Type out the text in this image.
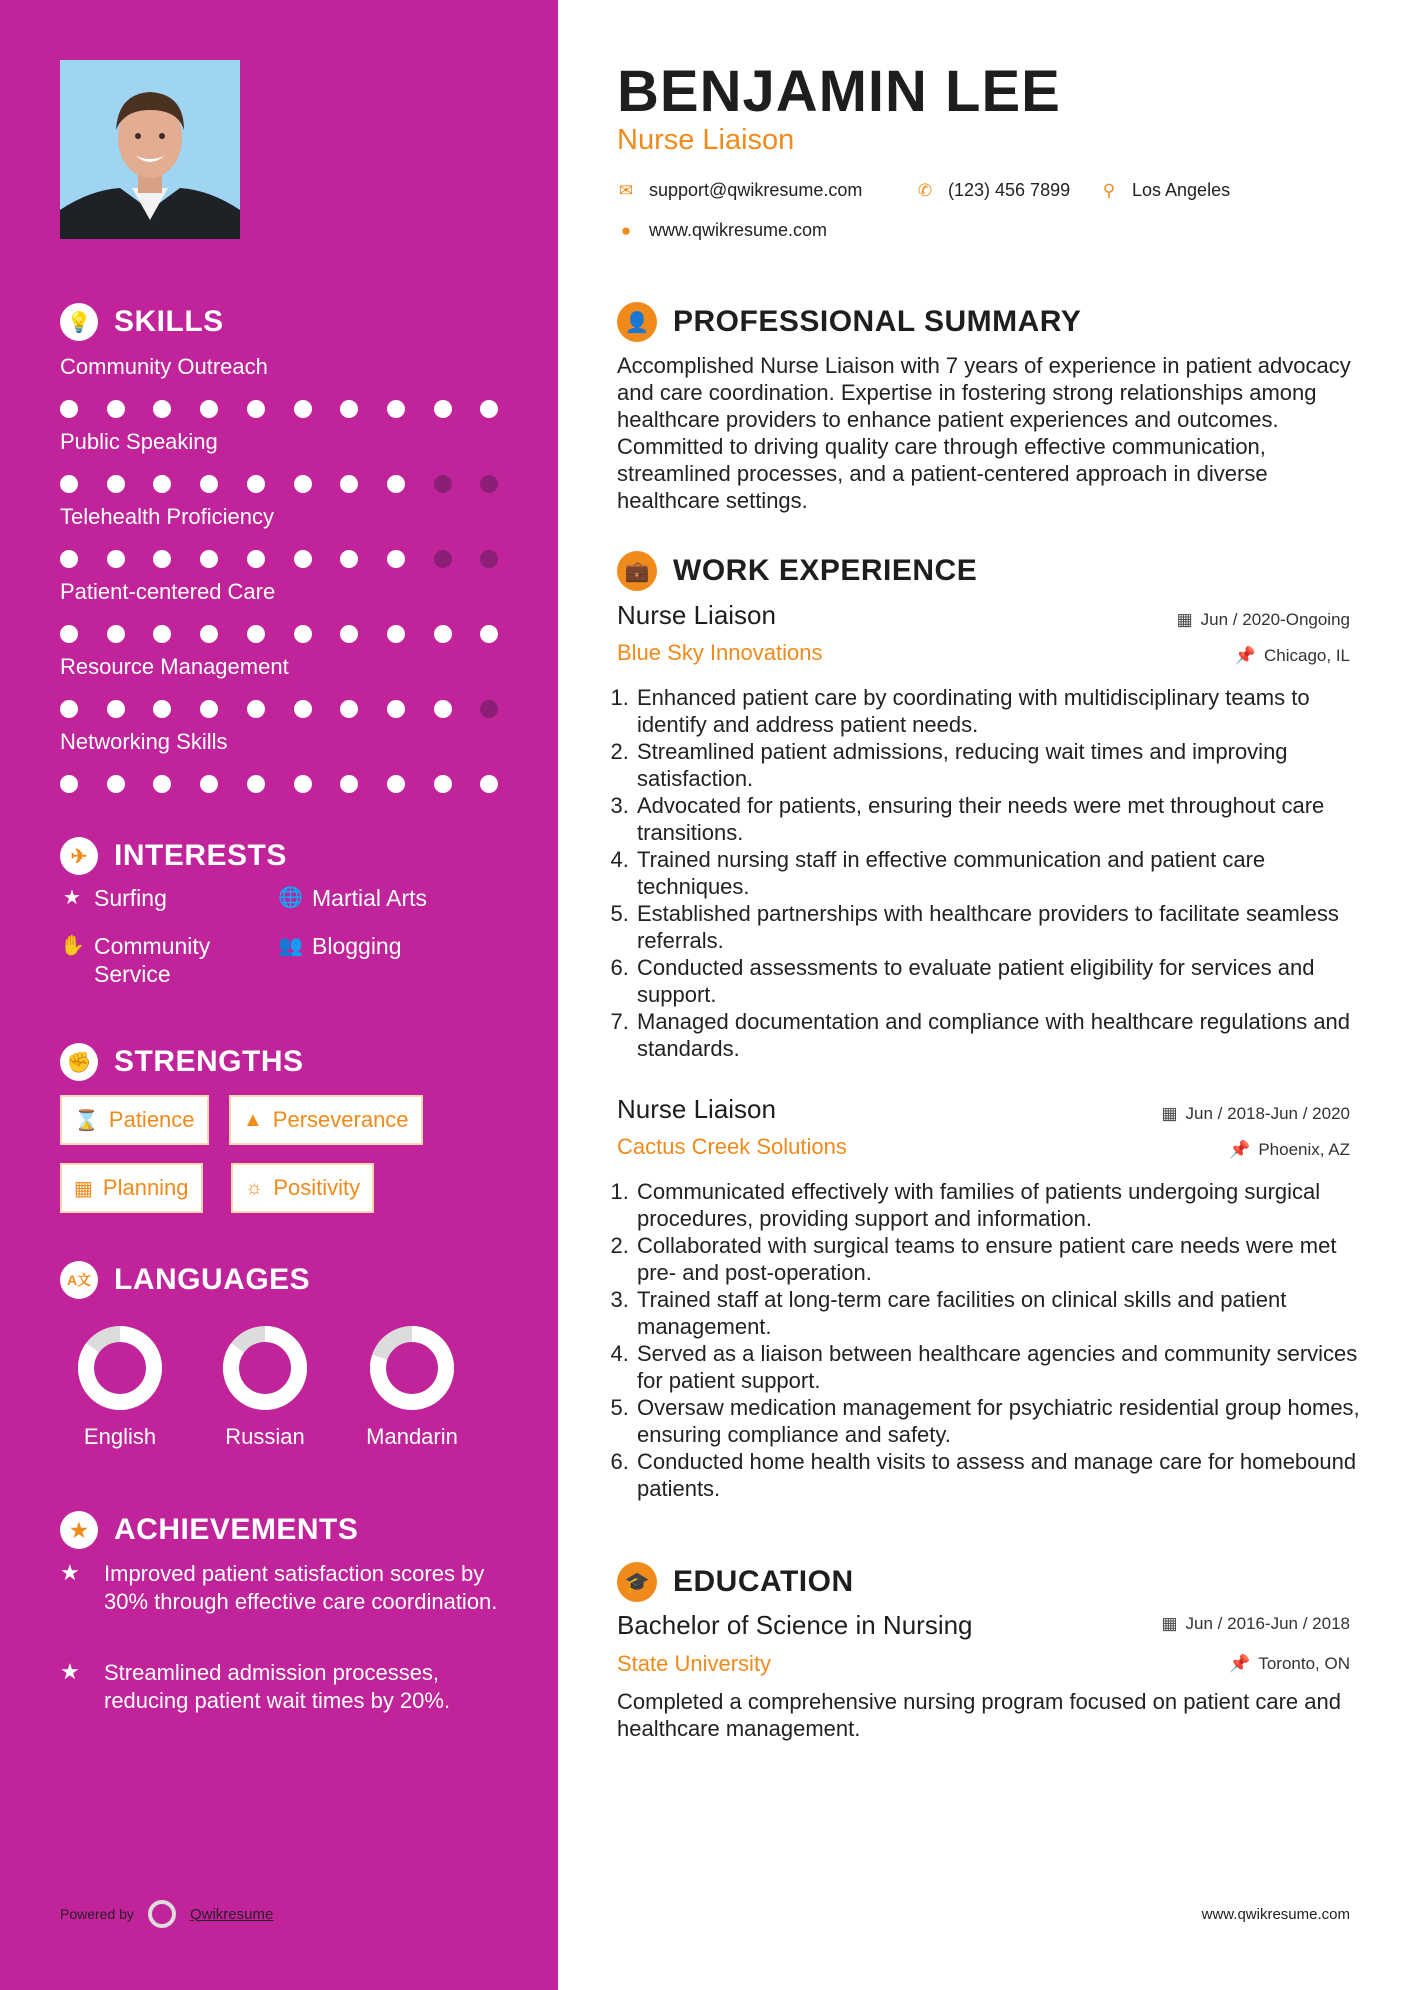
💡 SKILLS
Community Outreach
Public Speaking
Telehealth Proficiency
Patient-centered Care
Resource Management
Networking Skills
✈ INTERESTS
★ Surfing	🌐 Martial Arts
✋ Community Service
👥 Blogging
✊ STRENGTHS
⌛ Patience ▲ Perseverance
▦ Planning	☼ Positivity
A文 LANGUAGES
English	Russian	Mandarin
★ ACHIEVEMENTS
★	Improved patient satisfaction scores by 30% through effective care coordination.
★	Streamlined admission processes, reducing patient wait times by 20%.
Powered by	Qwikresume
BENJAMIN LEE
Nurse Liaison
✉ support@qwikresume.com	✆ (123) 456 7899 ⚲ Los Angeles
● www.qwikresume.com
👤 PROFESSIONAL SUMMARY
Accomplished Nurse Liaison with 7 years of experience in patient advocacy and care coordination. Expertise in fostering strong relationships among healthcare providers to enhance patient experiences and outcomes. Committed to driving quality care through effective communication, streamlined processes, and a patient-centered approach in diverse healthcare settings.
💼 WORK EXPERIENCE
Nurse Liaison	▦ Jun / 2020-Ongoing
Blue Sky Innovations	📌 Chicago, IL
1. Enhanced patient care by coordinating with multidisciplinary teams to identify and address patient needs.
2. Streamlined patient admissions, reducing wait times and improving satisfaction.
3. Advocated for patients, ensuring their needs were met throughout care transitions.
4. Trained nursing staff in effective communication and patient care techniques.
5. Established partnerships with healthcare providers to facilitate seamless referrals.
6. Conducted assessments to evaluate patient eligibility for services and support.
7. Managed documentation and compliance with healthcare regulations and standards.
Nurse Liaison	▦ Jun / 2018-Jun / 2020
Cactus Creek Solutions	📌 Phoenix, AZ
1. Communicated effectively with families of patients undergoing surgical procedures, providing support and information.
2. Collaborated with surgical teams to ensure patient care needs were met pre- and post-operation.
3. Trained staff at long-term care facilities on clinical skills and patient management.
4. Served as a liaison between healthcare agencies and community services for patient support.
5. Oversaw medication management for psychiatric residential group homes, ensuring compliance and safety.
6. Conducted home health visits to assess and manage care for homebound patients.
🎓 EDUCATION
Bachelor of Science in Nursing	▦ Jun / 2016-Jun / 2018
State University	📌 Toronto, ON
Completed a comprehensive nursing program focused on patient care and healthcare management.
www.qwikresume.com
